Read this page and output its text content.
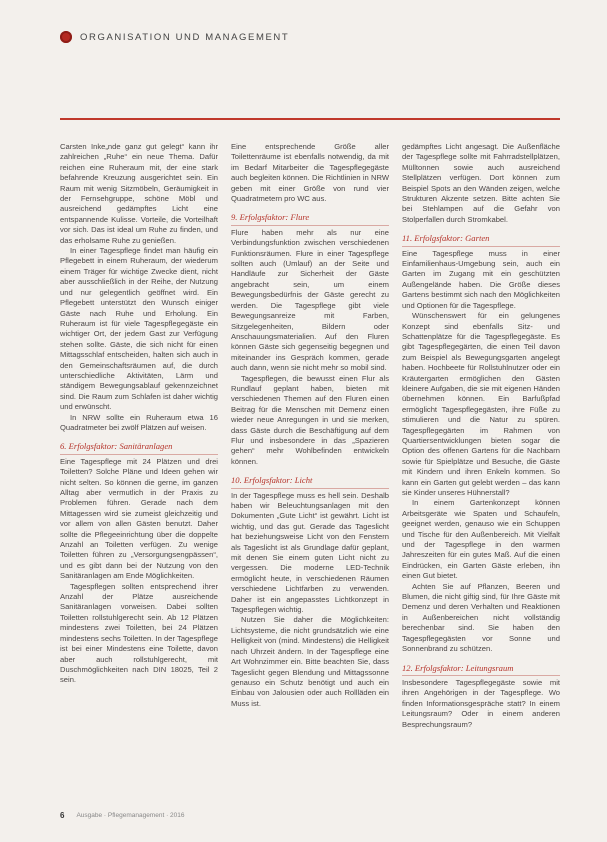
ORGANISATION UND MANAGEMENT

Carsten Inke„nde ganz gut gelegt“ kann ihr zahlreichen „Ruhe“ ein neue Thema. Dafür reichen eine Ruheraum mit, der eine stark befahrende Kreuzung ausgerichtet sein. Ein Raum mit wenig Sitzmöbeln, Geräumigkeit in der Fernsehgruppe, schöne Möbl und ausreichend gedämpftes Licht eine entspannende Kulisse. Vorteile, die Vorteilhaft vor sich. Das ist ideal um Ruhe zu finden, und das erholsame Ruhe zu genießen.

In einer Tagespflege findet man häufig ein Pflegebett in einem Ruheraum, der wiederum einem Träger für wichtige Zwecke dient, nicht aber ausschließlich in der Reihe, der Nutzung und nur gelegentlich geöffnet wird. Ein Pflegebett unterstützt den Wunsch einiger Gäste nach Ruhe und Erholung. Ein Ruheraum ist für viele Tagespflegegäste ein wichtiger Ort, der jedem Gast zur Verfügung stehen sollte. Gäste, die sich nicht für einen Mittagsschlaf entscheiden, halten sich auch in den Gemeinschaftsräumen auf, die durch unterschiedliche Aktivitäten, Lärm und ständigem Bewegungsablauf gekennzeichnet sind. Die Raum zum Schlafen ist daher wichtig und erwünscht.

In NRW sollte ein Ruheraum etwa 16 Quadratmeter bei zwölf Plätzen auf weisen.

6. Erfolgsfaktor: Sanitäranlagen

Eine Tagespflege mit 24 Plätzen und drei Toiletten? Solche Pläne und Ideen gehen wir nicht selten. So können die gerne, im ganzen Alltag aber vermutlich in der Praxis zu Problemen führen. Gerade nach dem Mittagessen wird sie zumeist gleichzeitig und vor allem von allen Gästen benutzt. Daher sollte die Pflegeeinrichtung über die doppelte Anzahl an Toiletten verfügen. Zu wenige Toiletten führen zu „Versorgungsengpässen“, und es gibt dann bei der Nutzung von den Sanitäranlagen am Ende Möglichkeiten.

Tagespflegen sollten entsprechend ihrer Anzahl der Plätze ausreichende Sanitäranlagen vorweisen. Dabei sollten Toiletten rollstuhlgerecht sein. Ab 12 Plätzen mindestens zwei Toiletten, bei 24 Plätzen mindestens sechs Toiletten. In der Tagespflege ist bei einer Mindestens eine Toilette, davon aber auch rollstuhlgerecht, mit Duschmöglichkeiten nach DIN 18025, Teil 2 sein.

Eine entsprechende Größe aller Toilettenräume ist ebenfalls notwendig, da mit im Bedarf Mitarbeiter die Tagespflegegäste auch begleiten können. Die Richtlinien in NRW geben mit einer Größe von rund vier Quadratmetern pro WC aus.

9. Erfolgsfaktor: Flure

Flure haben mehr als nur eine Verbindungsfunktion zwischen verschiedenen Funktionsräumen. Flure in einer Tagespflege sollten auch (Umlauf) an der Seite und Handläufe zur Sicherheit der Gäste angebracht sein, um einem Bewegungsbedürfnis der Gäste gerecht zu werden. Die Tagespflege gibt viele Bewegungsanreize mit Farben, Sitzgelegenheiten, Bildern oder Anschauungsmaterialien. Auf den Fluren können Gäste sich gegenseitig begegnen und miteinander ins Gespräch kommen, gerade auch dann, wenn sie nicht mehr so mobil sind.

Tagespflegen, die bewusst einen Flur als Rundlauf geplant haben, bieten mit verschiedenen Themen auf den Fluren einen Beitrag für die Menschen mit Demenz einen wieder neue Anregungen in und sie merken, dass Gäste durch die Beschäftigung auf dem Flur und insbesondere in das „Spazieren gehen“ mehr Wohlbefinden entwickeln können.

10. Erfolgsfaktor: Licht

In der Tagespflege muss es hell sein. Deshalb haben wir Beleuchtungsanlagen mit den Dokumenten „Gute Licht“ ist gewährt. Licht ist wichtig, und das gut. Gerade das Tageslicht hat beziehungsweise Licht von den Fenstern als Tageslicht ist als Grundlage dafür geplant, mit denen Sie einem guten Licht nicht zu vergessen. Die moderne LED-Technik ermöglicht heute, in verschiedenen Räumen verschiedene Lichtfarben zu verwenden. Daher ist ein angepasstes Lichtkonzept in Tagespflegen wichtig.

Nutzen Sie daher die Möglichkeiten: Lichtsysteme, die nicht grundsätzlich wie eine Helligkeit von (mind. Mindestens) die Helligkeit nach Uhrzeit ändern. In der Tagespflege eine Art Wohnzimmer ein. Bitte beachten Sie, dass Tageslicht gegen Blendung und Mittagssonne genauso ein Schutz benötigt und auch ein Einbau von Jalousien oder auch Rollläden ein Muss ist.

gedämpftes Licht angesagt. Die Außenfläche der Tagespflege sollte mit Fahrradstellplätzen, Mülltonnen sowie auch ausreichend Stellplätzen verfügen. Dort können zum Beispiel Spots an den Wänden zeigen, welche Strukturen Akzente setzen. Bitte achten Sie bei Stehlampen auf die Gefahr von Stolperfallen durch Stromkabel.

11. Erfolgsfaktor: Garten

Eine Tagespflege muss in einer Einfamilienhaus-Umgebung sein, auch ein Garten im Zugang mit ein geschützten Außengelände haben. Die Größe dieses Gartens bestimmt sich nach den Möglichkeiten und Optionen für die Tagespflege.

Wünschenswert für ein gelungenes Konzept sind ebenfalls Sitz- und Schattenplätze für die Tagespflegegäste. Es gibt Tagespflegegärten, die einen Teil davon zum Beispiel als Bewegungsgarten angelegt haben. Hochbeete für Rollstuhlnutzer oder ein Kräutergarten ermöglichen den Gästen kleinere Aufgaben, die sie mit eigenen Händen übernehmen können. Ein Barfußpfad ermöglicht Tagespflegegästen, ihre Füße zu stimulieren und die Natur zu spüren. Tagespflegegärten im Rahmen von Quartiersentwicklungen bieten sogar die Option des offenen Gartens für die Nachbarn sowie für Spielplätze und Besuche, die Gäste mit Kindern und ihren Enkeln kommen. So kann ein Garten gut gelebt werden – das kann sie Kinder unseres Hühnerstall?

In einem Gartenkonzept können Arbeitsgeräte wie Spaten und Schaufeln, geeignet werden, genauso wie ein Schuppen und Tische für den Außenbereich. Mit Vielfalt und der Tagespflege in den warmen Jahreszeiten für ein gutes Maß. Auf die einen Eindrücken, ein Garten Gäste erleben, ihn einen Gut bietet.

Achten Sie auf Pflanzen, Beeren und Blumen, die nicht giftig sind, für Ihre Gäste mit Demenz und deren Verhalten und Reaktionen in Außenbereichen nicht vollständig berechenbar sind. Sie haben den Tagespflegegästen vor Sonne und Sonnenbrand zu schützen.

12. Erfolgsfaktor: Leitungsraum

Insbesondere Tagespflegegäste sowie mit ihren Angehörigen in der Tagespflege. Wo finden Informationsgespräche statt? In einem Leitungsraum? Oder in einem anderen Besprechungsraum?

6 Ausgabe · Pflegemanagement · 2016
